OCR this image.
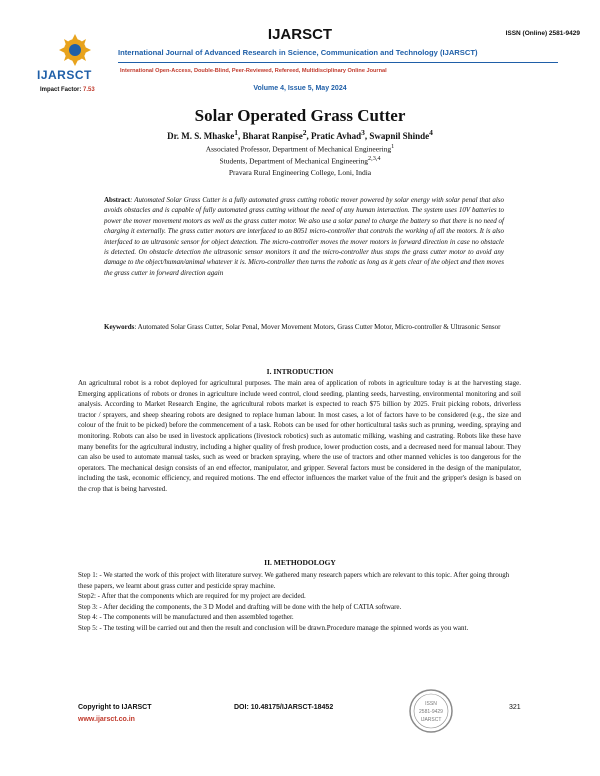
IJARSCT	ISSN (Online) 2581-9429
IJARSCT
Impact Factor: 7.53
International Journal of Advanced Research in Science, Communication and Technology (IJARSCT)
International Open-Access, Double-Blind, Peer-Reviewed, Refereed, Multidisciplinary Online Journal
Volume 4, Issue 5, May 2024
Solar Operated Grass Cutter
Dr. M. S. Mhaske$^1$, Bharat Ranpise$^2$, Pratic Avhad$^3$, Swapnil Shinde$^4$
Associated Professor, Department of Mechanical Engineering$^1$
Students, Department of Mechanical Engineering$^{2,3,4}$
Pravara Rural Engineering College, Loni, India
Abstract: Automated Solar Grass Cutter is a fully automated grass cutting robotic mover powered by solar energy with solar penal that also avoids obstacles and is capable of fully automated grass cutting without the need of any human interaction. The system uses 10V batteries to power the mover movement motors as well as the grass cutter motor. We also use a solar panel to charge the battery so that there is no need of charging it externally. The grass cutter motors are interfaced to an 8051 micro-controller that controls the working of all the motors. It is also interfaced to an ultrasonic sensor for object detection. The micro-controller moves the mover motors in forward direction in case no obstacle is detected. On obstacle detection the ultrasonic sensor monitors it and the micro-controller thus stops the grass cutter motor to avoid any damage to the object/human/animal whatever it is. Micro-controller then turns the robotic as long as it gets clear of the object and then moves the grass cutter in forward direction again
Keywords: Automated Solar Grass Cutter, Solar Penal, Mover Movement Motors, Grass Cutter Motor, Micro-controller & Ultrasonic Sensor
I. INTRODUCTION
An agricultural robot is a robot deployed for agricultural purposes. The main area of application of robots in agriculture today is at the harvesting stage. Emerging applications of robots or drones in agriculture include weed control, cloud seeding, planting seeds, harvesting, environmental monitoring and soil analysis. According to Market Research Engine, the agricultural robots market is expected to reach $75 billion by 2025. Fruit picking robots, driverless tractor / sprayers, and sheep shearing robots are designed to replace human labour. In most cases, a lot of factors have to be considered (e.g., the size and colour of the fruit to be picked) before the commencement of a task. Robots can be used for other horticultural tasks such as pruning, weeding, spraying and monitoring. Robots can also be used in livestock applications (livestock robotics) such as automatic milking, washing and castrating. Robots like these have many benefits for the agricultural industry, including a higher quality of fresh produce, lower production costs, and a decreased need for manual labour. They can also be used to automate manual tasks, such as weed or bracken spraying, where the use of tractors and other manned vehicles is too dangerous for the operators. The mechanical design consists of an end effector, manipulator, and gripper. Several factors must be considered in the design of the manipulator, including the task, economic efficiency, and required motions. The end effector influences the market value of the fruit and the gripper's design is based on the crop that is being harvested.
II. METHODOLOGY

Step 1: - We started the work of this project with literature survey. We gathered many research papers which are relevant to this topic. After going through these papers, we learnt about grass cutter and pesticide spray machine.

Step2: - After that the components which are required for my project are decided.

Step 3: - After deciding the components, the 3 D Model and drafting will be done with the help of CATIA software.

Step 4: - The components will be manufactured and then assembled together.

Step 5: - The testing will be carried out and then the result and conclusion will be drawn.Procedure manage the spinned words as you want.

ISSN
2581-9429
IJARSCT
Copyright to IJARSCT
www.ijarsct.co.in
DOI: 10.48175/IJARSCT-18452	321
